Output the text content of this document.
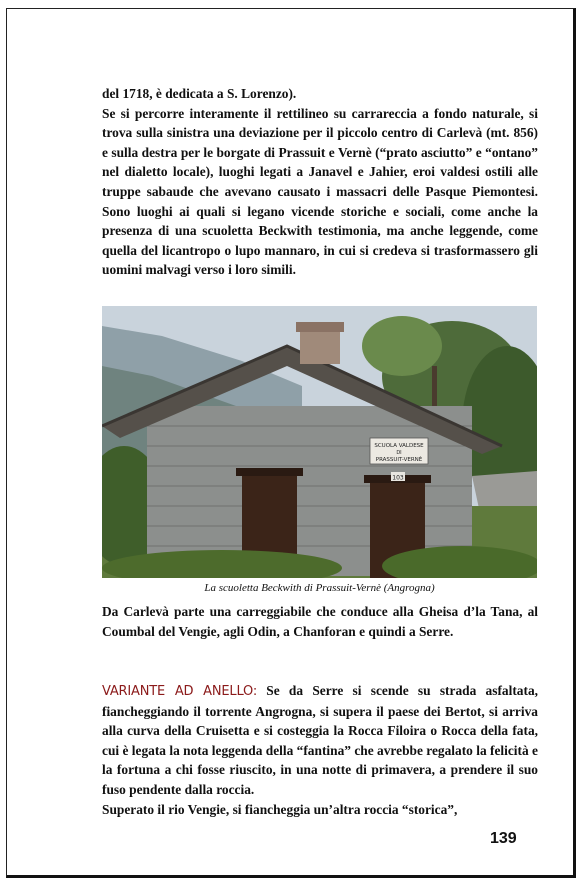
del 1718, è dedicata a S. Lorenzo).
Se si percorre interamente il rettilineo su carrareccia a fondo naturale, si trova sulla sinistra una deviazione per il piccolo centro di Carlevà (mt. 856) e sulla destra per le borgate di Prassuit e Vernè (“prato asciutto” e “ontano” nel dialetto locale), luoghi legati a Janavel e Jahier, eroi valdesi ostili alle truppe sabaude che avevano causato i massacri delle Pasque Piemontesi. Sono luoghi ai quali si legano vicende storiche e sociali, come anche la presenza di una scuoletta Beckwith testimonia, ma anche leggende, come quella del licantropo o lupo mannaro, in cui si credeva si trasformassero gli uomini malvagi verso i loro simili.
103
SCUOLA VALDESE
DI
PRASSUIT-VERNÈ
La scuoletta Beckwith di Prassuit-Vernè (Angrogna)

Da Carlevà parte una carreggiabile che conduce alla Gheisa d’la Tana, al Coumbal del Vengie, agli Odin, a Chanforan e quindi a Serre.

VARIANTE AD ANELLO: Se da Serre si scende su strada asfaltata, fiancheggiando il torrente Angrogna, si supera il paese dei Bertot, si arriva alla curva della Cruisetta e si costeggia la Rocca Filoira o Rocca della fata, cui è legata la nota leggenda della “fantina” che avrebbe regalato la felicità e la fortuna a chi fosse riuscito, in una notte di primavera, a prendere il suo fuso pendente dalla roccia.
Superato il rio Vengie, si fiancheggia un’altra roccia “storica”,
139
